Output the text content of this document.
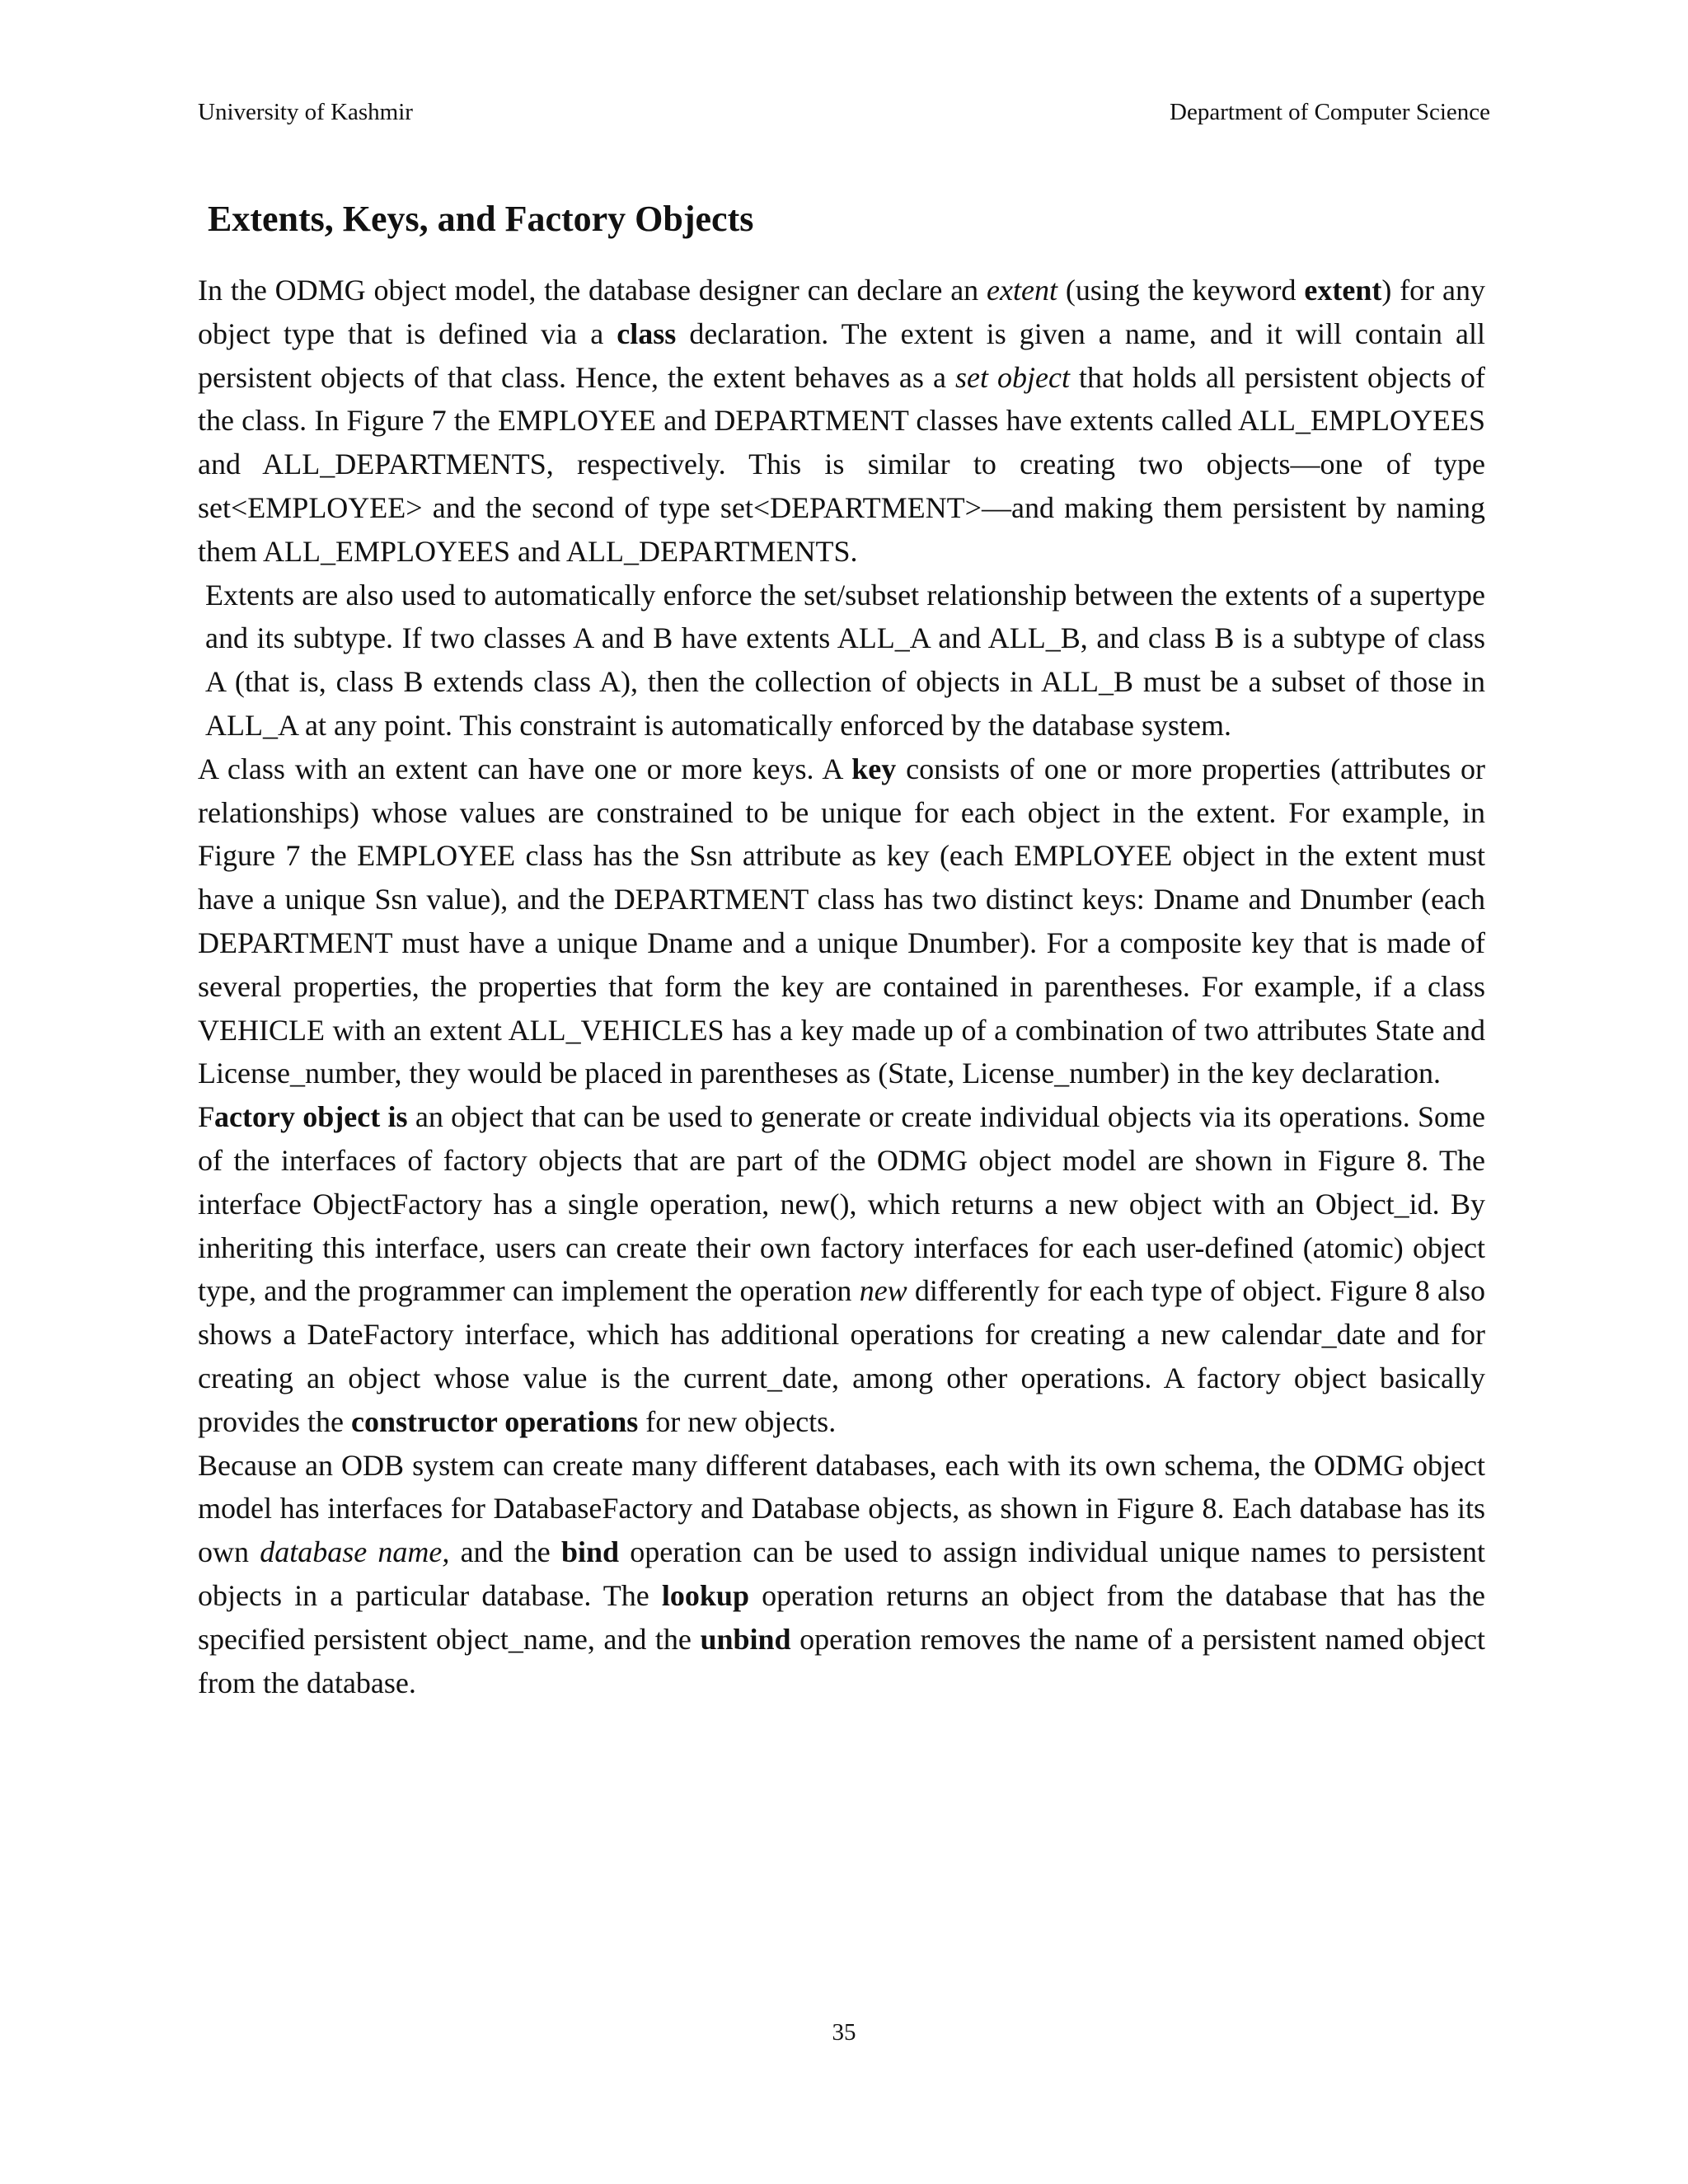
University of Kashmir	Department of Computer Science
Extents, Keys, and Factory Objects

In the ODMG object model, the database designer can declare an extent (using the keyword extent) for any object type that is defined via a class declaration. The extent is given a name, and it will contain all persistent objects of that class. Hence, the extent behaves as a set object that holds all persistent objects of the class. In Figure 7 the EMPLOYEE and DEPARTMENT classes have extents called ALL_EMPLOYEES and ALL_DEPARTMENTS, respectively. This is similar to creating two objects—one of type set<EMPLOYEE> and the second of type set<DEPARTMENT>—and making them persistent by naming them ALL_EMPLOYEES and ALL_DEPARTMENTS.

Extents are also used to automatically enforce the set/subset relationship between the extents of a supertype and its subtype. If two classes A and B have extents ALL_A and ALL_B, and class B is a subtype of class A (that is, class B extends class A), then the collection of objects in ALL_B must be a subset of those in ALL_A at any point. This constraint is automatically enforced by the database system.

A class with an extent can have one or more keys. A key consists of one or more properties (attributes or relationships) whose values are constrained to be unique for each object in the extent. For example, in Figure 7 the EMPLOYEE class has the Ssn attribute as key (each EMPLOYEE object in the extent must have a unique Ssn value), and the DEPARTMENT class has two distinct keys: Dname and Dnumber (each DEPARTMENT must have a unique Dname and a unique Dnumber). For a composite key that is made of several properties, the properties that form the key are contained in parentheses. For example, if a class VEHICLE with an extent ALL_VEHICLES has a key made up of a combination of two attributes State and License_number, they would be placed in parentheses as (State, License_number) in the key declaration.

Factory object is an object that can be used to generate or create individual objects via its operations. Some of the interfaces of factory objects that are part of the ODMG object model are shown in Figure 8. The interface ObjectFactory has a single operation, new(), which returns a new object with an Object_id. By inheriting this interface, users can create their own factory interfaces for each user-defined (atomic) object type, and the programmer can implement the operation new differently for each type of object. Figure 8 also shows a DateFactory interface, which has additional operations for creating a new calendar_date and for creating an object whose value is the current_date, among other operations. A factory object basically provides the constructor operations for new objects.

Because an ODB system can create many different databases, each with its own schema, the ODMG object model has interfaces for DatabaseFactory and Database objects, as shown in Figure 8. Each database has its own database name, and the bind operation can be used to assign individual unique names to persistent objects in a particular database. The lookup operation returns an object from the database that has the specified persistent object_name, and the unbind operation removes the name of a persistent named object from the database.

35
